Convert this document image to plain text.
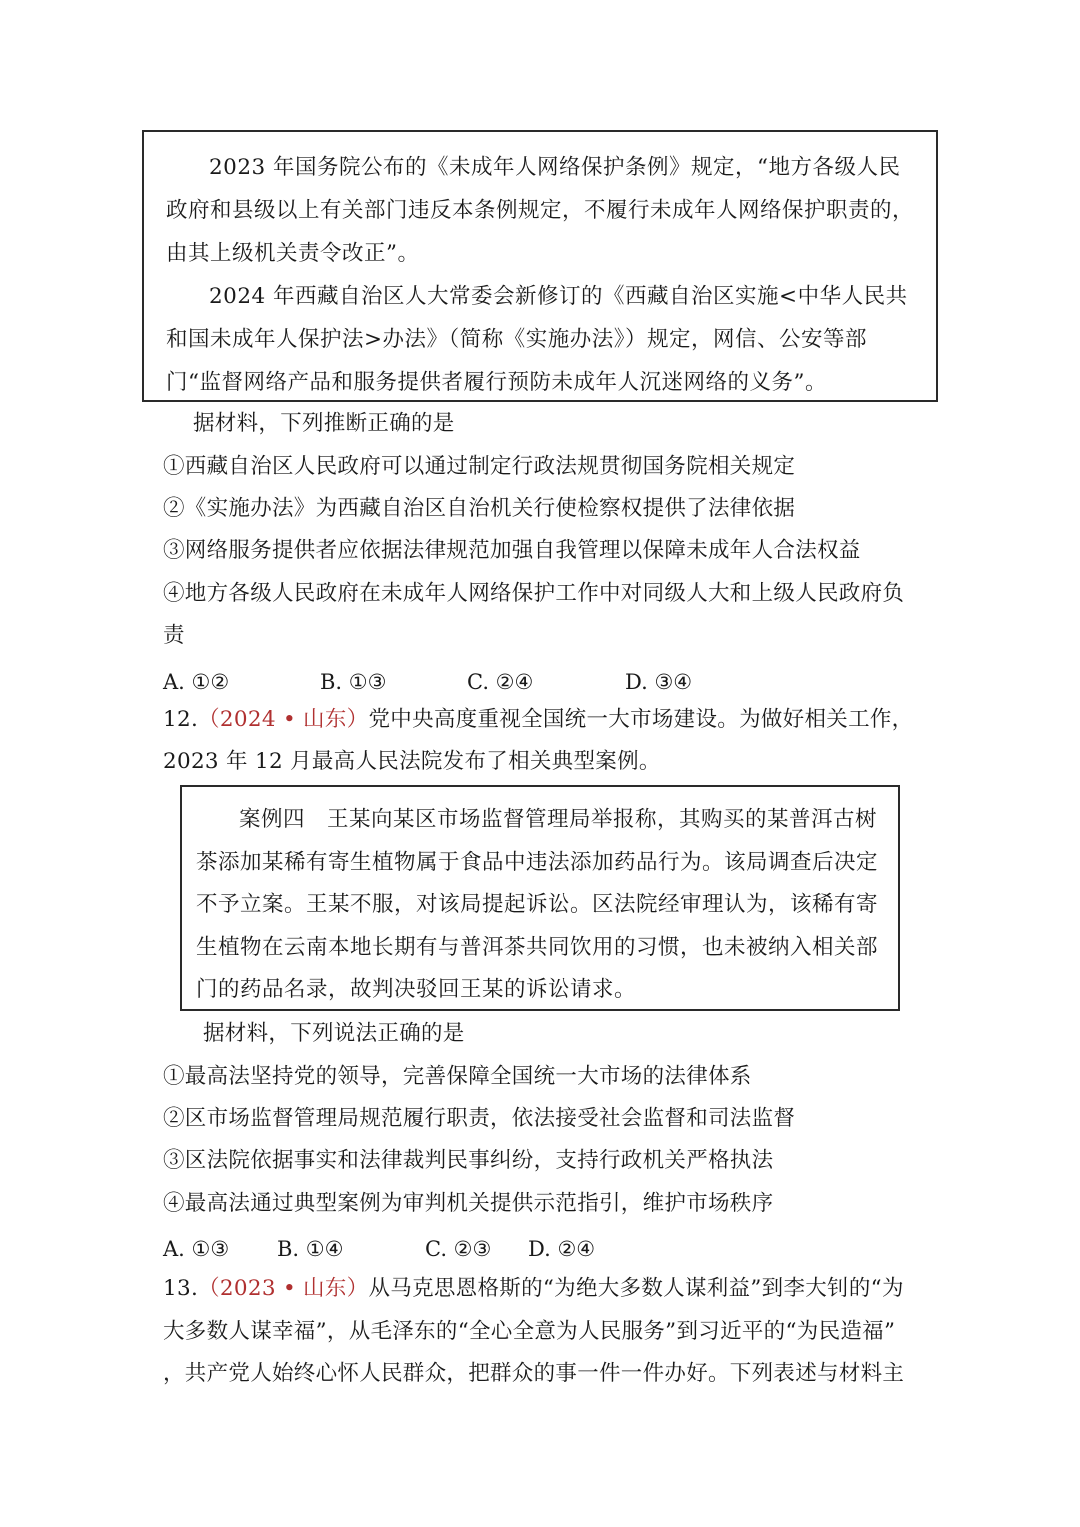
2023 年国务院公布的《未成年人网络保护条例》规定，“地方各级人民政府和县级以上有关部门违反本条例规定，不履行未成年人网络保护职责的，由其上级机关责令改正”。

2024 年西藏自治区人大常委会新修订的《西藏自治区实施<中华人民共和国未成年人保护法>办法》（简称《实施办法》）规定，网信、公安等部门“监督网络产品和服务提供者履行预防未成年人沉迷网络的义务”。

据材料，下列推断正确的是
①西藏自治区人民政府可以通过制定行政法规贯彻国务院相关规定
②《实施办法》为西藏自治区自治机关行使检察权提供了法律依据
③网络服务提供者应依据法律规范加强自我管理以保障未成年人合法权益
④地方各级人民政府在未成年人网络保护工作中对同级人大和上级人民政府负
责
A. ①②	B. ①③	C. ②④	D. ③④
12.（2024 • 山东）党中央高度重视全国统一大市场建设。为做好相关工作，
2023 年 12 月最高人民法院发布了相关典型案例。

案例四　王某向某区市场监督管理局举报称，其购买的某普洱古树茶添加某稀有寄生植物属于食品中违法添加药品行为。该局调查后决定不予立案。王某不服，对该局提起诉讼。区法院经审理认为，该稀有寄生植物在云南本地长期有与普洱茶共同饮用的习惯，也未被纳入相关部门的药品名录，故判决驳回王某的诉讼请求。

据材料，下列说法正确的是
①最高法坚持党的领导，完善保障全国统一大市场的法律体系
②区市场监督管理局规范履行职责，依法接受社会监督和司法监督
③区法院依据事实和法律裁判民事纠纷，支持行政机关严格执法
④最高法通过典型案例为审判机关提供示范指引，维护市场秩序
A. ①③ B. ①④	C. ②③ D. ②④
13.（2023 • 山东）从马克思恩格斯的“为绝大多数人谋利益”到李大钊的“为
大多数人谋幸福”，从毛泽东的“全心全意为人民服务”到习近平的“为民造福”
，共产党人始终心怀人民群众，把群众的事一件一件办好。下列表述与材料主
